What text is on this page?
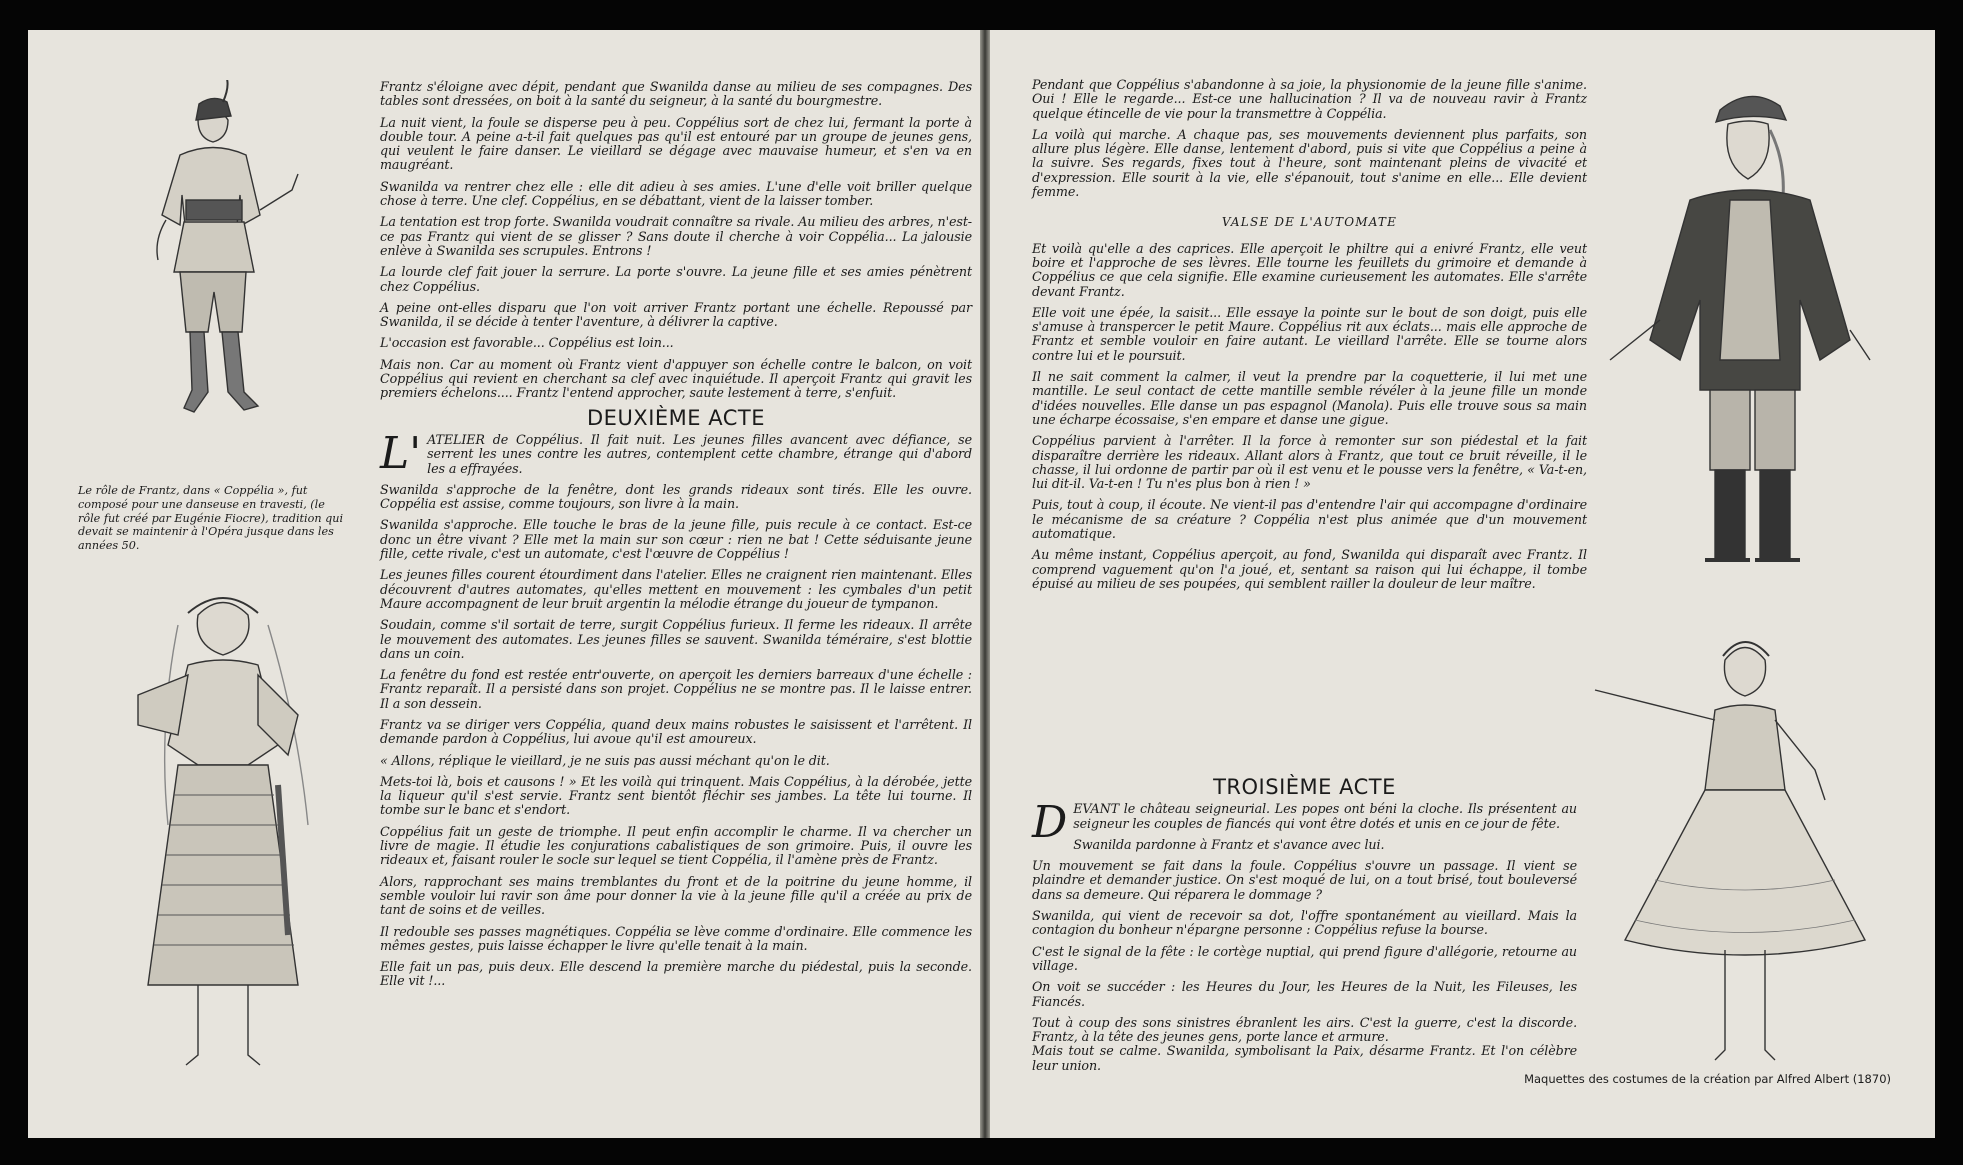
Le rôle de Frantz, dans « Coppélia », fut composé pour une danseuse en travesti, (le rôle fut créé par Eugénie Fiocre), tradition qui devait se maintenir à l'Opéra jusque dans les années 50.

Frantz s'éloigne avec dépit, pendant que Swanilda danse au milieu de ses compagnes. Des tables sont dressées, on boit à la santé du seigneur, à la santé du bourgmestre.

La nuit vient, la foule se disperse peu à peu. Coppélius sort de chez lui, fermant la porte à double tour. A peine a-t-il fait quelques pas qu'il est entouré par un groupe de jeunes gens, qui veulent le faire danser. Le vieillard se dégage avec mauvaise humeur, et s'en va en maugréant.

Swanilda va rentrer chez elle : elle dit adieu à ses amies. L'une d'elle voit briller quelque chose à terre. Une clef. Coppélius, en se débattant, vient de la laisser tomber.

La tentation est trop forte. Swanilda voudrait connaître sa rivale. Au milieu des arbres, n'est-ce pas Frantz qui vient de se glisser ? Sans doute il cherche à voir Coppélia... La jalousie enlève à Swanilda ses scrupules. Entrons !

La lourde clef fait jouer la serrure. La porte s'ouvre. La jeune fille et ses amies pénètrent chez Coppélius.

A peine ont-elles disparu que l'on voit arriver Frantz portant une échelle. Repoussé par Swanilda, il se décide à tenter l'aventure, à délivrer la captive.

L'occasion est favorable... Coppélius est loin...

Mais non. Car au moment où Frantz vient d'appuyer son échelle contre le balcon, on voit Coppélius qui revient en cherchant sa clef avec inquiétude. Il aperçoit Frantz qui gravit les premiers échelons.... Frantz l'entend approcher, saute lestement à terre, s'enfuit.

DEUXIÈME ACTE

L'ATELIER de Coppélius. Il fait nuit. Les jeunes filles avancent avec défiance, se serrent les unes contre les autres, contemplent cette chambre, étrange qui d'abord les a effrayées.

Swanilda s'approche de la fenêtre, dont les grands rideaux sont tirés. Elle les ouvre. Coppélia est assise, comme toujours, son livre à la main.

Swanilda s'approche. Elle touche le bras de la jeune fille, puis recule à ce contact. Est-ce donc un être vivant ? Elle met la main sur son cœur : rien ne bat ! Cette séduisante jeune fille, cette rivale, c'est un automate, c'est l'œuvre de Coppélius !

Les jeunes filles courent étourdiment dans l'atelier. Elles ne craignent rien maintenant. Elles découvrent d'autres automates, qu'elles mettent en mouvement : les cymbales d'un petit Maure accompagnent de leur bruit argentin la mélodie étrange du joueur de tympanon.

Soudain, comme s'il sortait de terre, surgit Coppélius furieux. Il ferme les rideaux. Il arrête le mouvement des automates. Les jeunes filles se sauvent. Swanilda téméraire, s'est blottie dans un coin.

La fenêtre du fond est restée entr'ouverte, on aperçoit les derniers barreaux d'une échelle : Frantz reparaît. Il a persisté dans son projet. Coppélius ne se montre pas. Il le laisse entrer. Il a son dessein.

Frantz va se diriger vers Coppélia, quand deux mains robustes le saisissent et l'arrêtent. Il demande pardon à Coppélius, lui avoue qu'il est amoureux.

« Allons, réplique le vieillard, je ne suis pas aussi méchant qu'on le dit.

Mets-toi là, bois et causons ! » Et les voilà qui trinquent. Mais Coppélius, à la dérobée, jette la liqueur qu'il s'est servie. Frantz sent bientôt fléchir ses jambes. La tête lui tourne. Il tombe sur le banc et s'endort.

Coppélius fait un geste de triomphe. Il peut enfin accomplir le charme. Il va chercher un livre de magie. Il étudie les conjurations cabalistiques de son grimoire. Puis, il ouvre les rideaux et, faisant rouler le socle sur lequel se tient Coppélia, il l'amène près de Frantz.

Alors, rapprochant ses mains tremblantes du front et de la poitrine du jeune homme, il semble vouloir lui ravir son âme pour donner la vie à la jeune fille qu'il a créée au prix de tant de soins et de veilles.

Il redouble ses passes magnétiques. Coppélia se lève comme d'ordinaire. Elle commence les mêmes gestes, puis laisse échapper le livre qu'elle tenait à la main.

Elle fait un pas, puis deux. Elle descend la première marche du piédestal, puis la seconde. Elle vit !...

Pendant que Coppélius s'abandonne à sa joie, la physionomie de la jeune fille s'anime. Oui ! Elle le regarde... Est-ce une hallucination ? Il va de nouveau ravir à Frantz quelque étincelle de vie pour la transmettre à Coppélia.

La voilà qui marche. A chaque pas, ses mouvements deviennent plus parfaits, son allure plus légère. Elle danse, lentement d'abord, puis si vite que Coppélius a peine à la suivre. Ses regards, fixes tout à l'heure, sont maintenant pleins de vivacité et d'expression. Elle sourit à la vie, elle s'épanouit, tout s'anime en elle... Elle devient femme.

VALSE DE L'AUTOMATE

Et voilà qu'elle a des caprices. Elle aperçoit le philtre qui a enivré Frantz, elle veut boire et l'approche de ses lèvres. Elle tourne les feuillets du grimoire et demande à Coppélius ce que cela signifie. Elle examine curieusement les automates. Elle s'arrête devant Frantz.

Elle voit une épée, la saisit... Elle essaye la pointe sur le bout de son doigt, puis elle s'amuse à transpercer le petit Maure. Coppélius rit aux éclats... mais elle approche de Frantz et semble vouloir en faire autant. Le vieillard l'arrête. Elle se tourne alors contre lui et le poursuit.

Il ne sait comment la calmer, il veut la prendre par la coquetterie, il lui met une mantille. Le seul contact de cette mantille semble révéler à la jeune fille un monde d'idées nouvelles. Elle danse un pas espagnol (Manola). Puis elle trouve sous sa main une écharpe écossaise, s'en empare et danse une gigue.

Coppélius parvient à l'arrêter. Il la force à remonter sur son piédestal et la fait disparaître derrière les rideaux. Allant alors à Frantz, que tout ce bruit réveille, il le chasse, il lui ordonne de partir par où il est venu et le pousse vers la fenêtre, « Va-t-en, lui dit-il. Va-t-en ! Tu n'es plus bon à rien ! »

Puis, tout à coup, il écoute. Ne vient-il pas d'entendre l'air qui accompagne d'ordinaire le mécanisme de sa créature ? Coppélia n'est plus animée que d'un mouvement automatique.

Au même instant, Coppélius aperçoit, au fond, Swanilda qui disparaît avec Frantz. Il comprend vaguement qu'on l'a joué, et, sentant sa raison qui lui échappe, il tombe épuisé au milieu de ses poupées, qui semblent railler la douleur de leur maître.

TROISIÈME ACTE

DEVANT le château seigneurial. Les popes ont béni la cloche. Ils présentent au seigneur les couples de fiancés qui vont être dotés et unis en ce jour de fête.

Swanilda pardonne à Frantz et s'avance avec lui.

Un mouvement se fait dans la foule. Coppélius s'ouvre un passage. Il vient se plaindre et demander justice. On s'est moqué de lui, on a tout brisé, tout bouleversé dans sa demeure. Qui réparera le dommage ?

Swanilda, qui vient de recevoir sa dot, l'offre spontanément au vieillard. Mais la contagion du bonheur n'épargne personne : Coppélius refuse la bourse.

C'est le signal de la fête : le cortège nuptial, qui prend figure d'allégorie, retourne au village.

On voit se succéder : les Heures du Jour, les Heures de la Nuit, les Fileuses, les Fiancés.

Tout à coup des sons sinistres ébranlent les airs. C'est la guerre, c'est la discorde. Frantz, à la tête des jeunes gens, porte lance et armure.

Mais tout se calme. Swanilda, symbolisant la Paix, désarme Frantz. Et l'on célèbre leur union.

Maquettes des costumes de la création par Alfred Albert (1870)
